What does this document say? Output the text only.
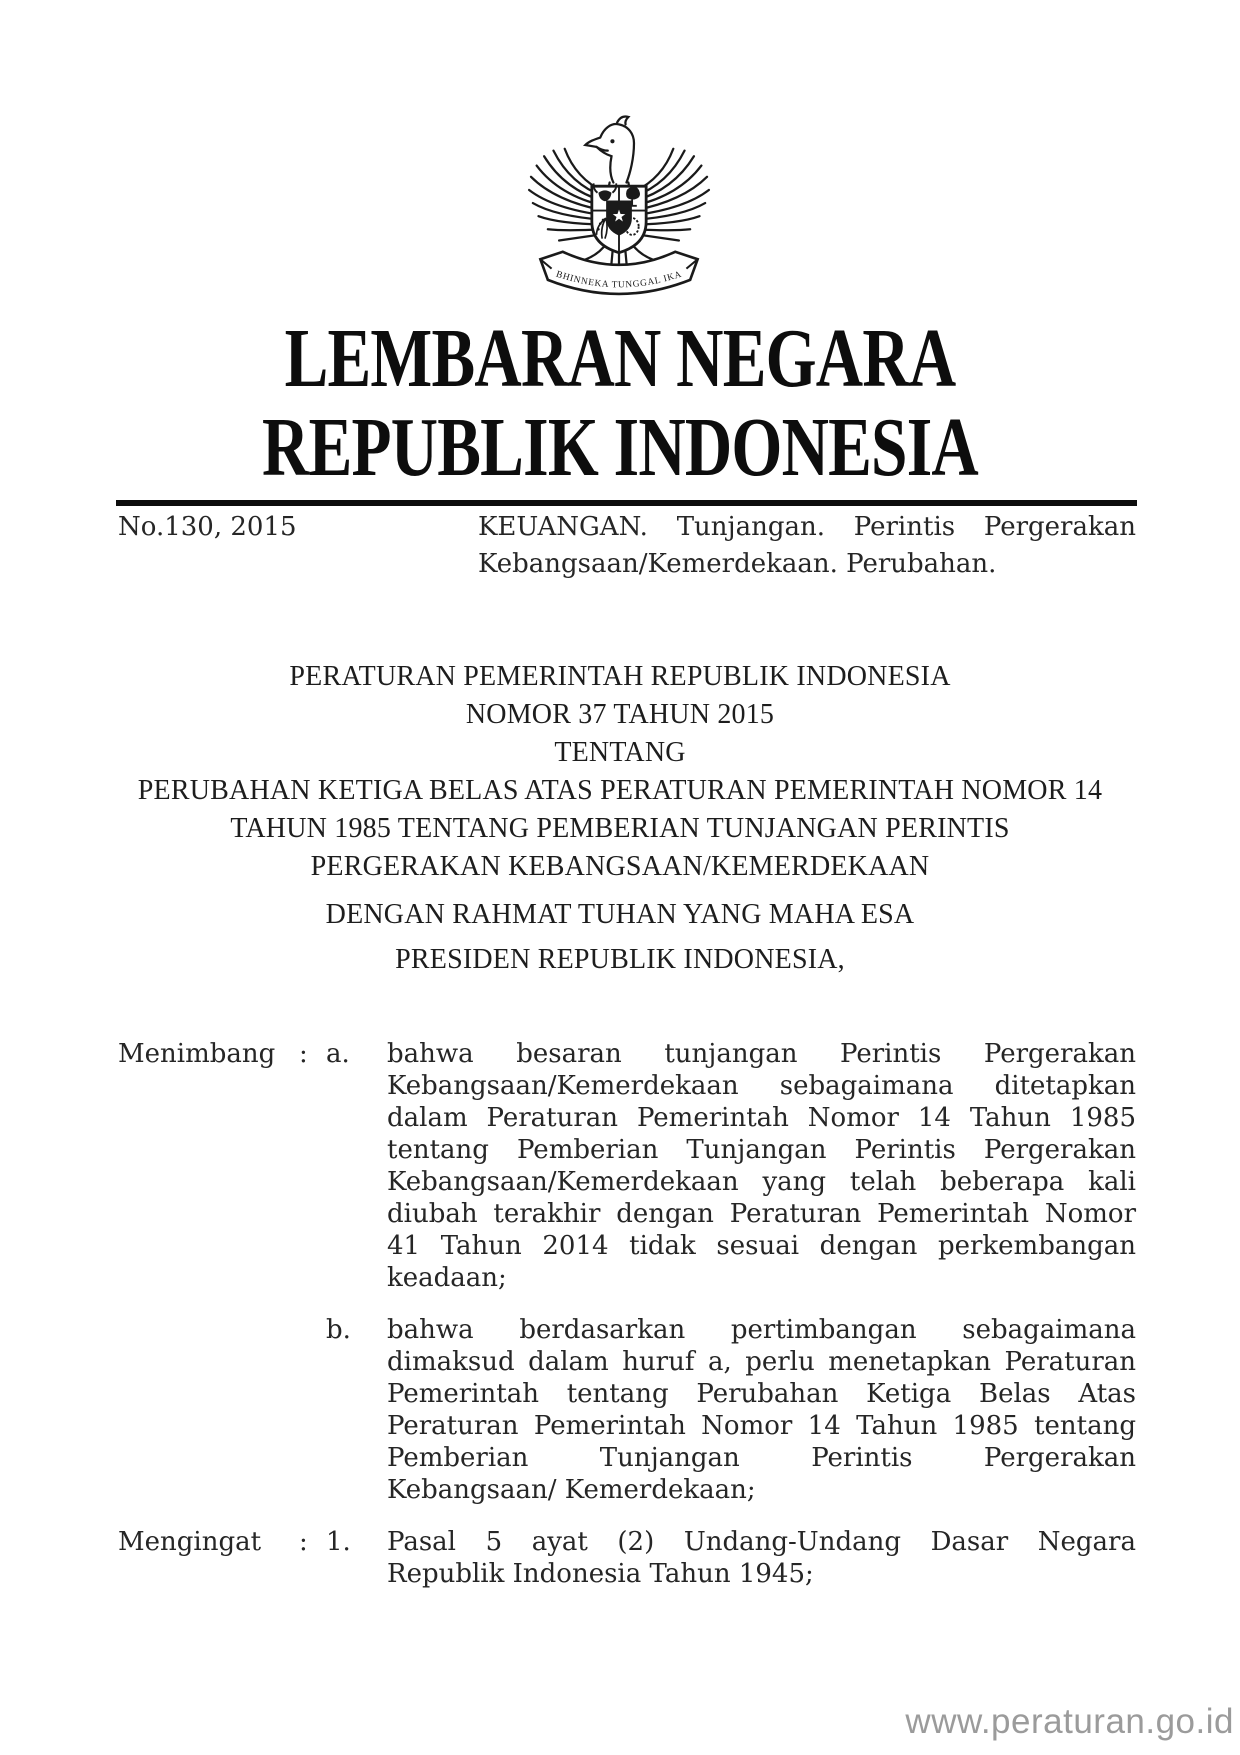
BHINNEKA TUNGGAL IKA
LEMBARAN NEGARA
REPUBLIK INDONESIA
No.130, 2015	KEUANGAN. Tunjangan. Perintis Pergerakan
Kebangsaan/Kemerdekaan. Perubahan.
PERATURAN PEMERINTAH REPUBLIK INDONESIA
NOMOR 37 TAHUN 2015
TENTANG
PERUBAHAN KETIGA BELAS ATAS PERATURAN PEMERINTAH NOMOR 14
TAHUN 1985 TENTANG PEMBERIAN TUNJANGAN PERINTIS
PERGERAKAN KEBANGSAAN/KEMERDEKAAN
DENGAN RAHMAT TUHAN YANG MAHA ESA
PRESIDEN REPUBLIK INDONESIA,
Menimbang : a.	bahwa besaran tunjangan Perintis Pergerakan
Kebangsaan/Kemerdekaan sebagaimana ditetapkan
dalam Peraturan Pemerintah Nomor 14 Tahun 1985
tentang Pemberian Tunjangan Perintis Pergerakan
Kebangsaan/Kemerdekaan yang telah beberapa kali
diubah terakhir dengan Peraturan Pemerintah Nomor
41 Tahun 2014 tidak sesuai dengan perkembangan
keadaan;
b.	bahwa berdasarkan pertimbangan sebagaimana
dimaksud dalam huruf a, perlu menetapkan Peraturan
Pemerintah tentang Perubahan Ketiga Belas Atas
Peraturan Pemerintah Nomor 14 Tahun 1985 tentang
Pemberian Tunjangan Perintis Pergerakan
Kebangsaan/ Kemerdekaan;
Mengingat	: 1.	Pasal 5 ayat (2) Undang-Undang Dasar Negara
Republik Indonesia Tahun 1945;
www.peraturan.go.id
